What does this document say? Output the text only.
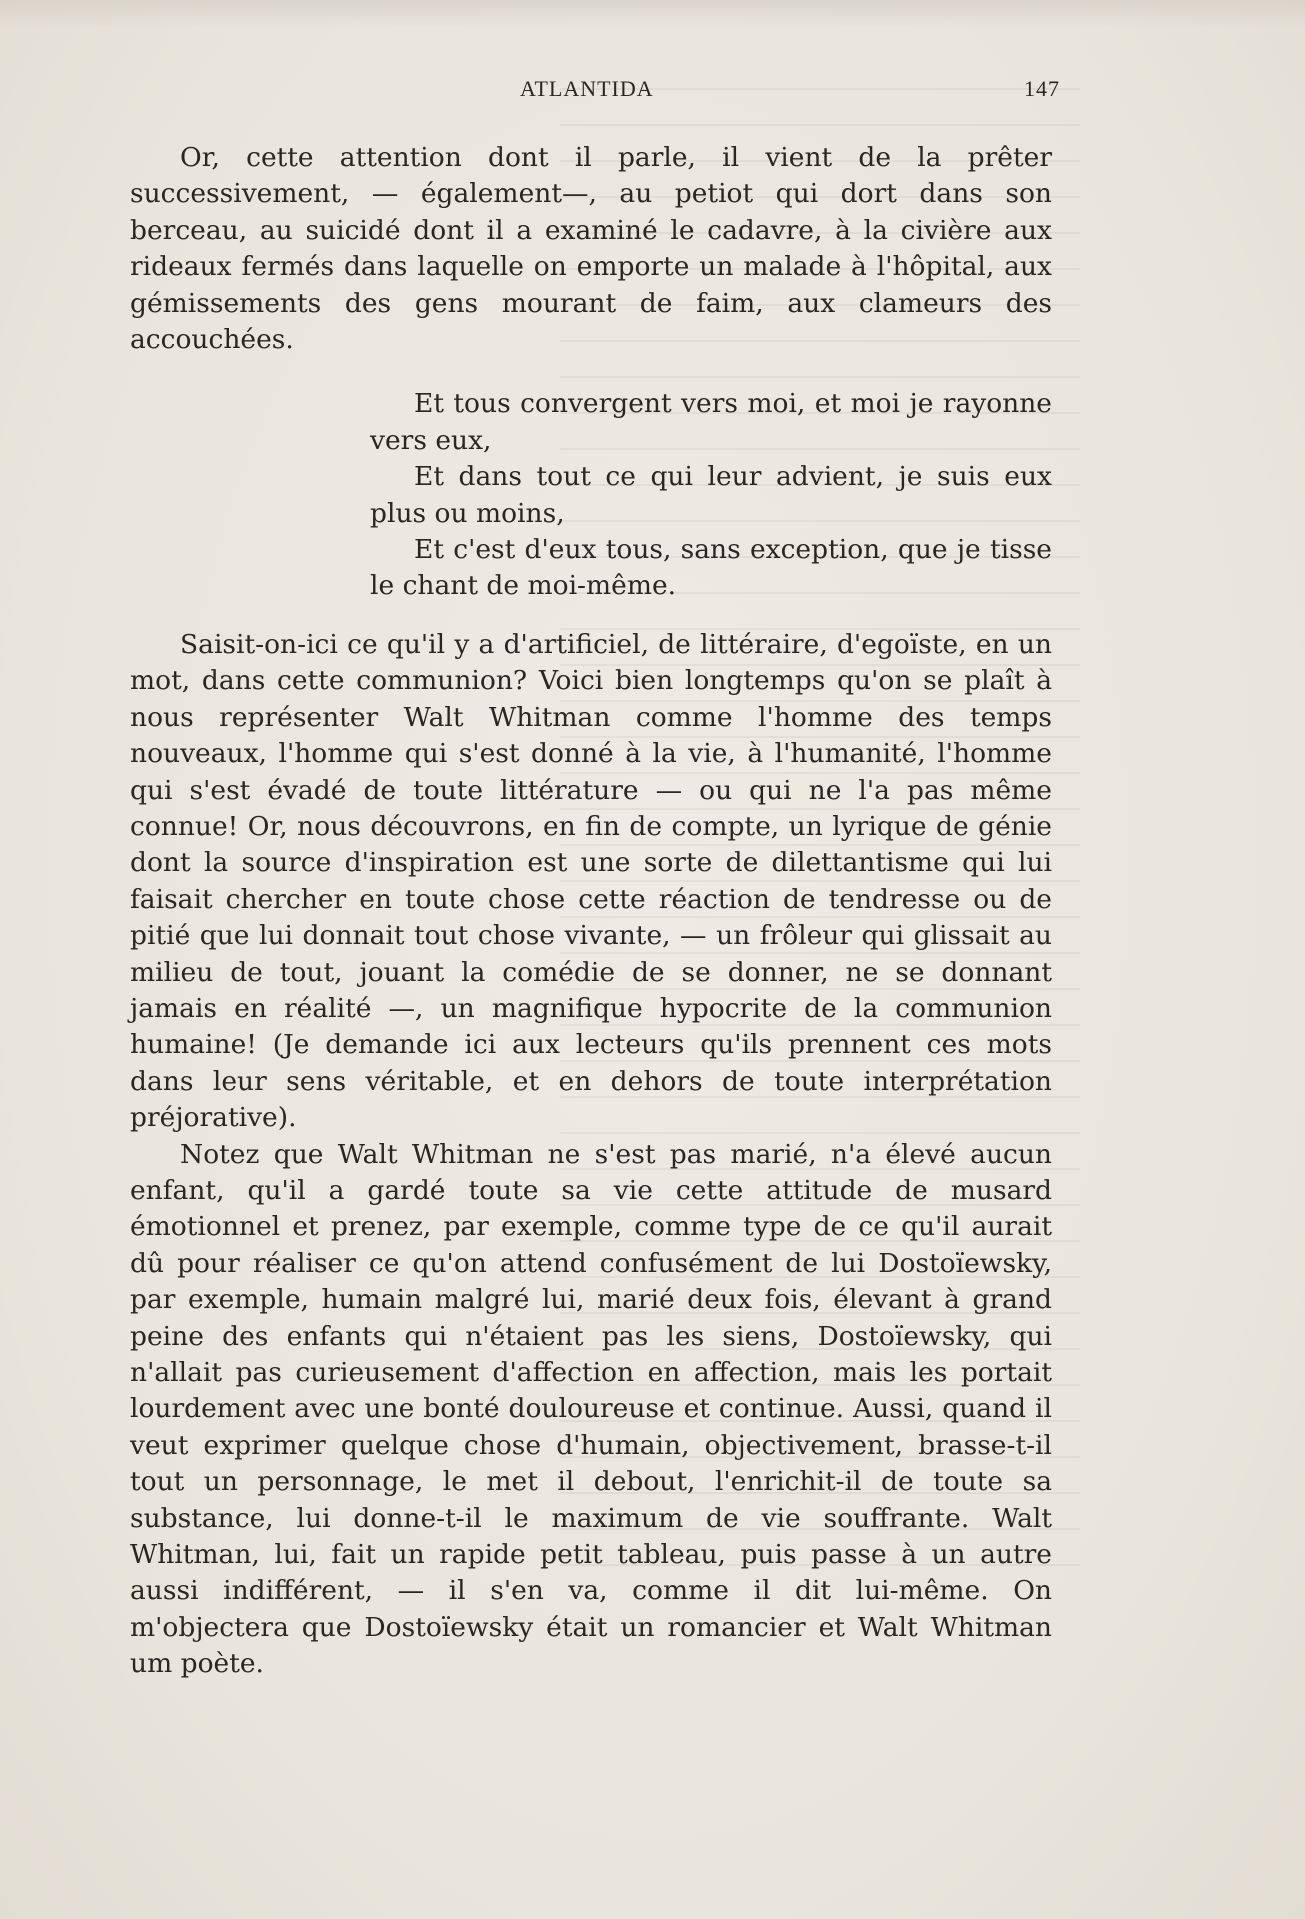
ATLANTIDA	147

Or, cette attention dont il parle, il vient de la prêter successivement, — également—, au petiot qui dort dans son berceau, au suicidé dont il a examiné le cadavre, à la civière aux rideaux fermés dans laquelle on emporte un malade à l'hôpital, aux gémissements des gens mourant de faim, aux clameurs des accouchées.

Et tous convergent vers moi, et moi je rayonne vers eux,

Et dans tout ce qui leur advient, je suis eux plus ou moins,

Et c'est d'eux tous, sans exception, que je tisse le chant de moi-même.

Saisit-on-ici ce qu'il y a d'artificiel, de littéraire, d'egoïste, en un mot, dans cette communion? Voici bien longtemps qu'on se plaît à nous représenter Walt Whitman comme l'homme des temps nouveaux, l'homme qui s'est donné à la vie, à l'humanité, l'homme qui s'est évadé de toute littérature — ou qui ne l'a pas même connue! Or, nous découvrons, en fin de compte, un lyrique de génie dont la source d'inspiration est une sorte de dilettantisme qui lui faisait chercher en toute chose cette réaction de tendresse ou de pitié que lui donnait tout chose vivante, — un frôleur qui glissait au milieu de tout, jouant la comédie de se donner, ne se donnant jamais en réalité —, un magnifique hypocrite de la communion humaine! (Je demande ici aux lecteurs qu'ils prennent ces mots dans leur sens véritable, et en dehors de toute interprétation préjorative).

Notez que Walt Whitman ne s'est pas marié, n'a élevé aucun enfant, qu'il a gardé toute sa vie cette attitude de musard émotionnel et prenez, par exemple, comme type de ce qu'il aurait dû pour réaliser ce qu'on attend confusément de lui Dostoïewsky, par exemple, humain malgré lui, marié deux fois, élevant à grand peine des enfants qui n'étaient pas les siens, Dostoïewsky, qui n'allait pas curieusement d'affection en affection, mais les portait lourdement avec une bonté douloureuse et continue. Aussi, quand il veut exprimer quelque chose d'humain, objectivement, brasse-t-il tout un personnage, le met il debout, l'enrichit-il de toute sa substance, lui donne-t-il le maximum de vie souffrante. Walt Whitman, lui, fait un rapide petit tableau, puis passe à un autre aussi indifférent, — il s'en va, comme il dit lui-même. On m'objectera que Dostoïewsky était un romancier et Walt Whitman um poète.
